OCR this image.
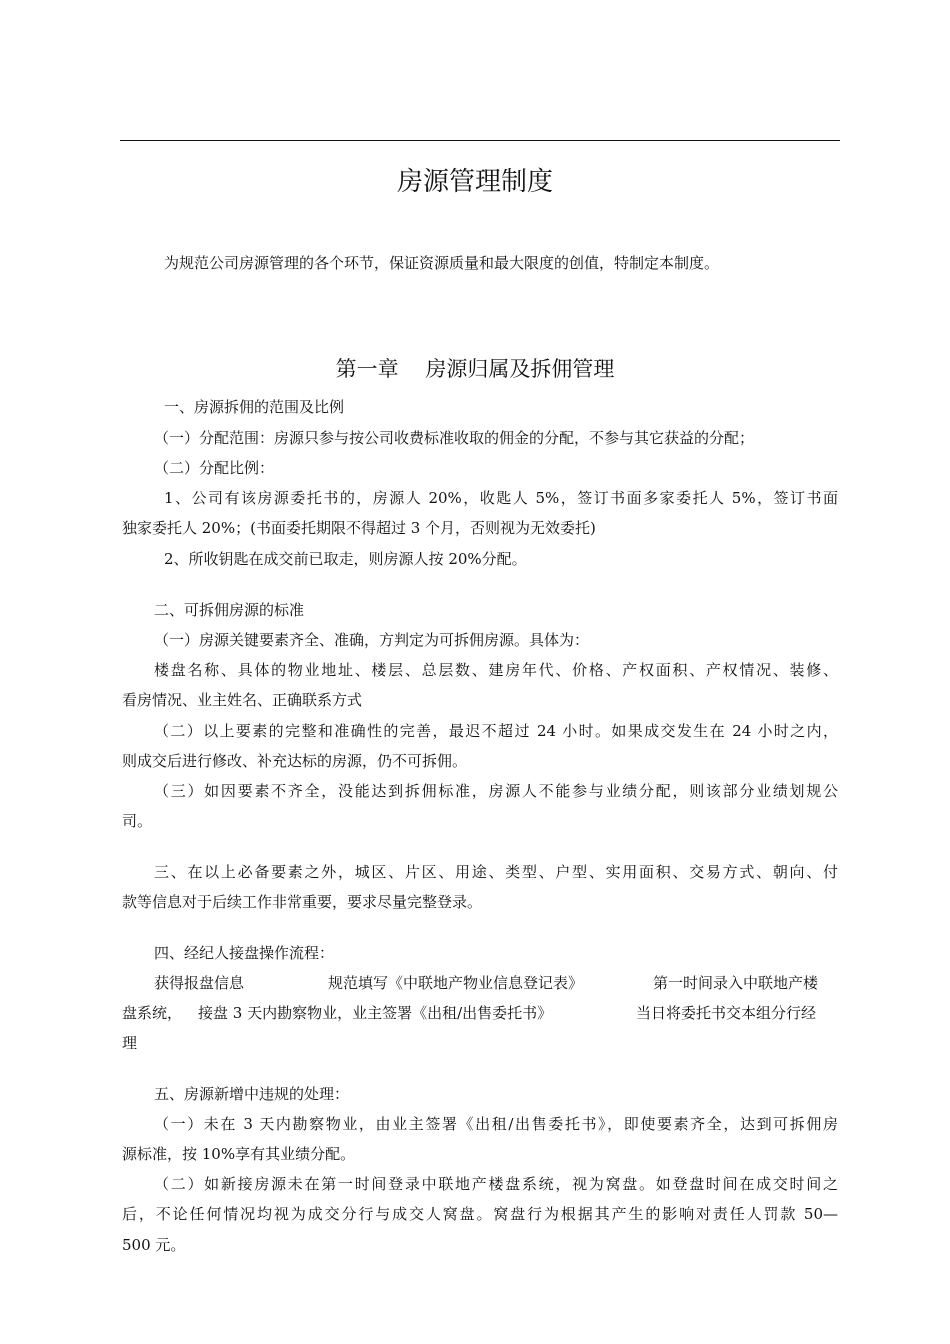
房源管理制度
为规范公司房源管理的各个环节，保证资源质量和最大限度的创值，特制定本制度。
第一章    房源归属及拆佣管理
一、房源拆佣的范围及比例
（一）分配范围：房源只参与按公司收费标准收取的佣金的分配，不参与其它获益的分配；
（二）分配比例：
1、公司有该房源委托书的，房源人 20%，收匙人 5%，签订书面多家委托人 5%，签订书面
独家委托人 20%；(书面委托期限不得超过 3 个月，否则视为无效委托)
2、所收钥匙在成交前已取走，则房源人按 20%分配。
二、可拆佣房源的标准
（一）房源关键要素齐全、准确，方判定为可拆佣房源。具体为：
楼盘名称、具体的物业地址、楼层、总层数、建房年代、价格、产权面积、产权情况、装修、
看房情况、业主姓名、正确联系方式
（二）以上要素的完整和准确性的完善，最迟不超过 24 小时。如果成交发生在 24 小时之内，
则成交后进行修改、补充达标的房源，仍不可拆佣。
（三）如因要素不齐全，没能达到拆佣标准，房源人不能参与业绩分配，则该部分业绩划规公
司。
三、在以上必备要素之外，城区、片区、用途、类型、户型、实用面积、交易方式、朝向、付
款等信息对于后续工作非常重要，要求尽量完整登录。
四、经纪人接盘操作流程：
获得报盘信息	规范填写《中联地产物业信息登记表》	第一时间录入中联地产楼
盘系统， 接盘 3 天内勘察物业，业主签署《出租/出售委托书》	当日将委托书交本组分行经
理
五、房源新增中违规的处理：
（一）未在 3 天内勘察物业，由业主签署《出租/出售委托书》，即使要素齐全，达到可拆佣房
源标准，按 10%享有其业绩分配。
（二）如新接房源未在第一时间登录中联地产楼盘系统，视为窝盘。如登盘时间在成交时间之
后，不论任何情况均视为成交分行与成交人窝盘。窝盘行为根据其产生的影响对责任人罚款 50—
500 元。
